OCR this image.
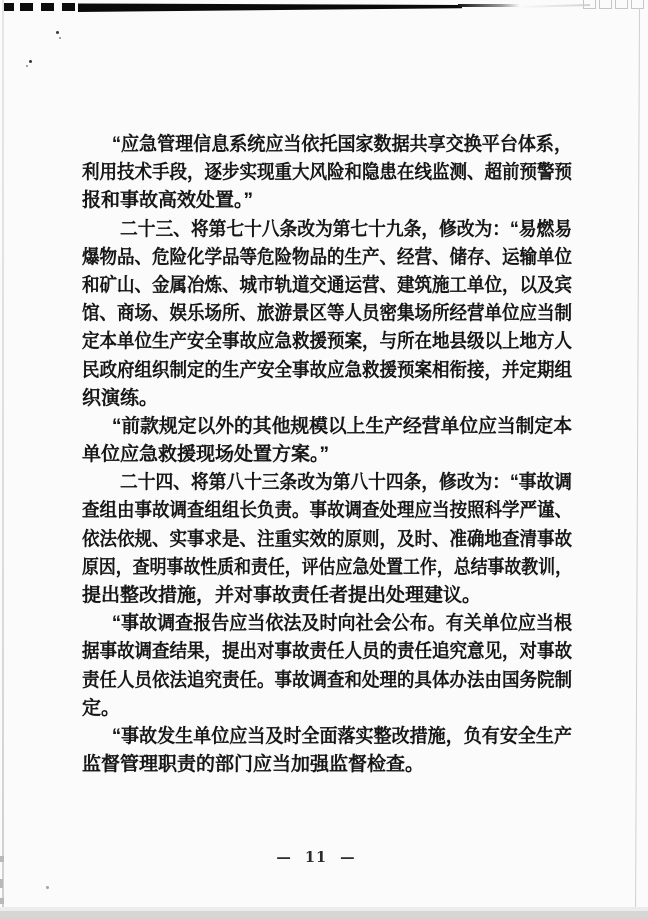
“应急管理信息系统应当依托国家数据共享交换平台体系，
利用技术手段，逐步实现重大风险和隐患在线监测、超前预警预
报和事故高效处置。”
二十三、将第七十八条改为第七十九条，修改为：“易燃易
爆物品、危险化学品等危险物品的生产、经营、储存、运输单位
和矿山、金属冶炼、城市轨道交通运营、建筑施工单位，以及宾
馆、商场、娱乐场所、旅游景区等人员密集场所经营单位应当制
定本单位生产安全事故应急救援预案，与所在地县级以上地方人
民政府组织制定的生产安全事故应急救援预案相衔接，并定期组
织演练。
“前款规定以外的其他规模以上生产经营单位应当制定本
单位应急救援现场处置方案。”
二十四、将第八十三条改为第八十四条，修改为：“事故调
查组由事故调查组组长负责。事故调查处理应当按照科学严谨、
依法依规、实事求是、注重实效的原则，及时、准确地查清事故
原因，查明事故性质和责任，评估应急处置工作，总结事故教训，
提出整改措施，并对事故责任者提出处理建议。
“事故调查报告应当依法及时向社会公布。有关单位应当根
据事故调查结果，提出对事故责任人员的责任追究意见，对事故
责任人员依法追究责任。事故调查和处理的具体办法由国务院制
定。
“事故发生单位应当及时全面落实整改措施，负有安全生产
监督管理职责的部门应当加强监督检查。
— 11 —
